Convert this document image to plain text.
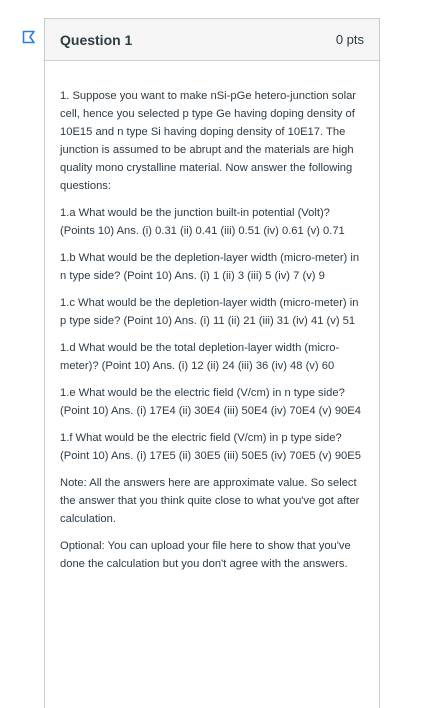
Question 1	0 pts

1. Suppose you want to make nSi-pGe hetero-junction solar cell, hence you selected p type Ge having doping density of 10E15 and n type Si having doping density of 10E17. The junction is assumed to be abrupt and the materials are high quality mono crystalline material. Now answer the following questions:

1.a What would be the junction built-in potential (Volt)? (Points 10) Ans. (i) 0.31 (ii) 0.41 (iii) 0.51 (iv) 0.61 (v) 0.71

1.b What would be the depletion-layer width (micro-meter) in n type side? (Point 10) Ans. (i) 1 (ii) 3 (iii) 5 (iv) 7 (v) 9

1.c What would be the depletion-layer width (micro-meter) in p type side? (Point 10) Ans. (i) 11 (ii) 21 (iii) 31 (iv) 41 (v) 51

1.d What would be the total depletion-layer width (micro-meter)? (Point 10) Ans. (i) 12 (ii) 24 (iii) 36 (iv) 48 (v) 60

1.e What would be the electric field (V/cm) in n type side? (Point 10) Ans. (i) 17E4 (ii) 30E4 (iii) 50E4 (iv) 70E4 (v) 90E4

1.f What would be the electric field (V/cm) in p type side? (Point 10) Ans. (i) 17E5 (ii) 30E5 (iii) 50E5 (iv) 70E5 (v) 90E5

Note: All the answers here are approximate value. So select the answer that you think quite close to what you've got after calculation.

Optional: You can upload your file here to show that you've done the calculation but you don't agree with the answers.
